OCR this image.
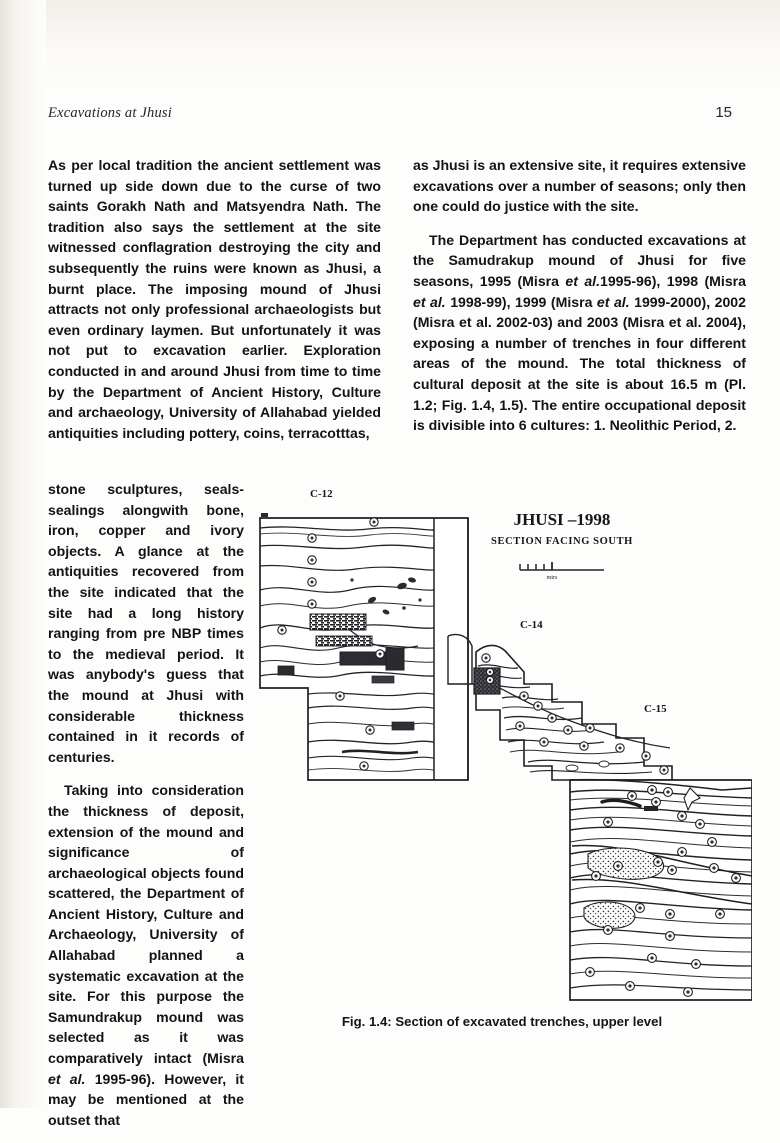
Excavations at Jhusi	15

As per local tradition the ancient settlement was turned up side down due to the curse of two saints Gorakh Nath and Matsyendra Nath. The tradition also says the settlement at the site witnessed conflagration destroying the city and subsequently the ruins were known as Jhusi, a burnt place. The imposing mound of Jhusi attracts not only professional archaeologists but even ordinary laymen. But unfortunately it was not put to excavation earlier. Exploration conducted in and around Jhusi from time to time by the Department of Ancient History, Culture and archaeology, University of Allahabad yielded antiquities including pottery, coins, terracotttas,

stone sculptures, seals-sealings alongwith bone, iron, copper and ivory objects. A glance at the antiquities recovered from the site indicated that the site had a long history ranging from pre NBP times to the medieval period. It was anybody's guess that the mound at Jhusi with considerable thickness contained in it records of centuries.

Taking into consideration the thickness of deposit, extension of the mound and significance of archaeological objects found scattered, the Department of Ancient History, Culture and Archaeology, University of Allahabad planned a systematic excavation at the site. For this purpose the Samundrakup mound was selected as it was comparatively intact (Misra et al. 1995-96). However, it may be mentioned at the outset that

as Jhusi is an extensive site, it requires extensive excavations over a number of seasons; only then one could do justice with the site.

The Department has conducted excavations at the Samudrakup mound of Jhusi for five seasons, 1995 (Misra et al.1995-96), 1998 (Misra et al. 1998-99), 1999 (Misra et al. 1999-2000), 2002 (Misra et al. 2002-03) and 2003 (Misra et al. 2004), exposing a number of trenches in four different areas of the mound. The total thickness of cultural deposit at the site is about 16.5 m (Pl. 1.2; Fig. 1.4, 1.5). The entire occupational deposit is divisible into 6 cultures: 1. Neolithic Period, 2.

JHUSI –1998
SECTION FACING SOUTH
mtrs
C-12
C-14
C-15
Fig. 1.4: Section of excavated trenches, upper level
